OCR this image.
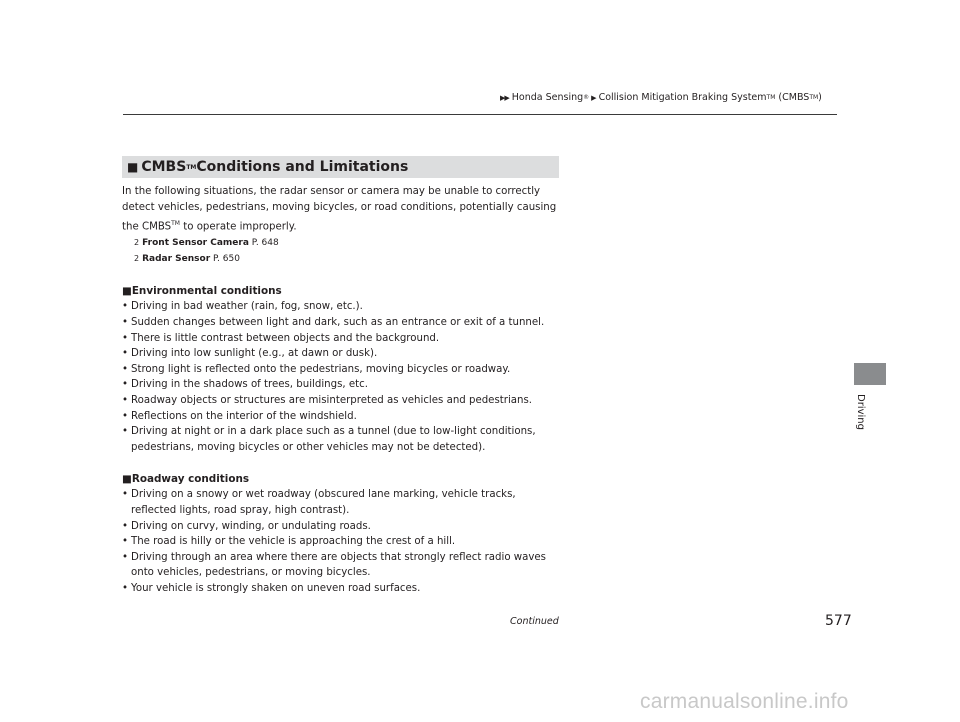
▶▶ Honda Sensing ® ▶ Collision Mitigation Braking System TM
(CMBS TM )
Driving
■ CMBS TM Conditions and Limitations
In the following situations, the radar sensor or camera may be unable to correctly detect vehicles, pedestrians, moving bicycles, or road conditions, potentially causing the CMBS™ to operate improperly.
2 Front Sensor Camera P. 648
2 Radar Sensor P. 650
■Environmental conditions
• Driving in bad weather (rain, fog, snow, etc.).
• Sudden changes between light and dark, such as an entrance or exit of a tunnel.
• There is little contrast between objects and the background.
• Driving into low sunlight (e.g., at dawn or dusk).
• Strong light is reflected onto the pedestrians, moving bicycles or roadway.
• Driving in the shadows of trees, buildings, etc.
• Roadway objects or structures are misinterpreted as vehicles and pedestrians.
• Reflections on the interior of the windshield.
• Driving at night or in a dark place such as a tunnel (due to low-light conditions, pedestrians, moving bicycles or other vehicles may not be detected).
■Roadway conditions
• Driving on a snowy or wet roadway (obscured lane marking, vehicle tracks, reflected lights, road spray, high contrast).
• Driving on curvy, winding, or undulating roads.
• The road is hilly or the vehicle is approaching the crest of a hill.
• Driving through an area where there are objects that strongly reflect radio waves onto vehicles, pedestrians, or moving bicycles.
• Your vehicle is strongly shaken on uneven road surfaces.
Continued	577
carmanualsonline.info
